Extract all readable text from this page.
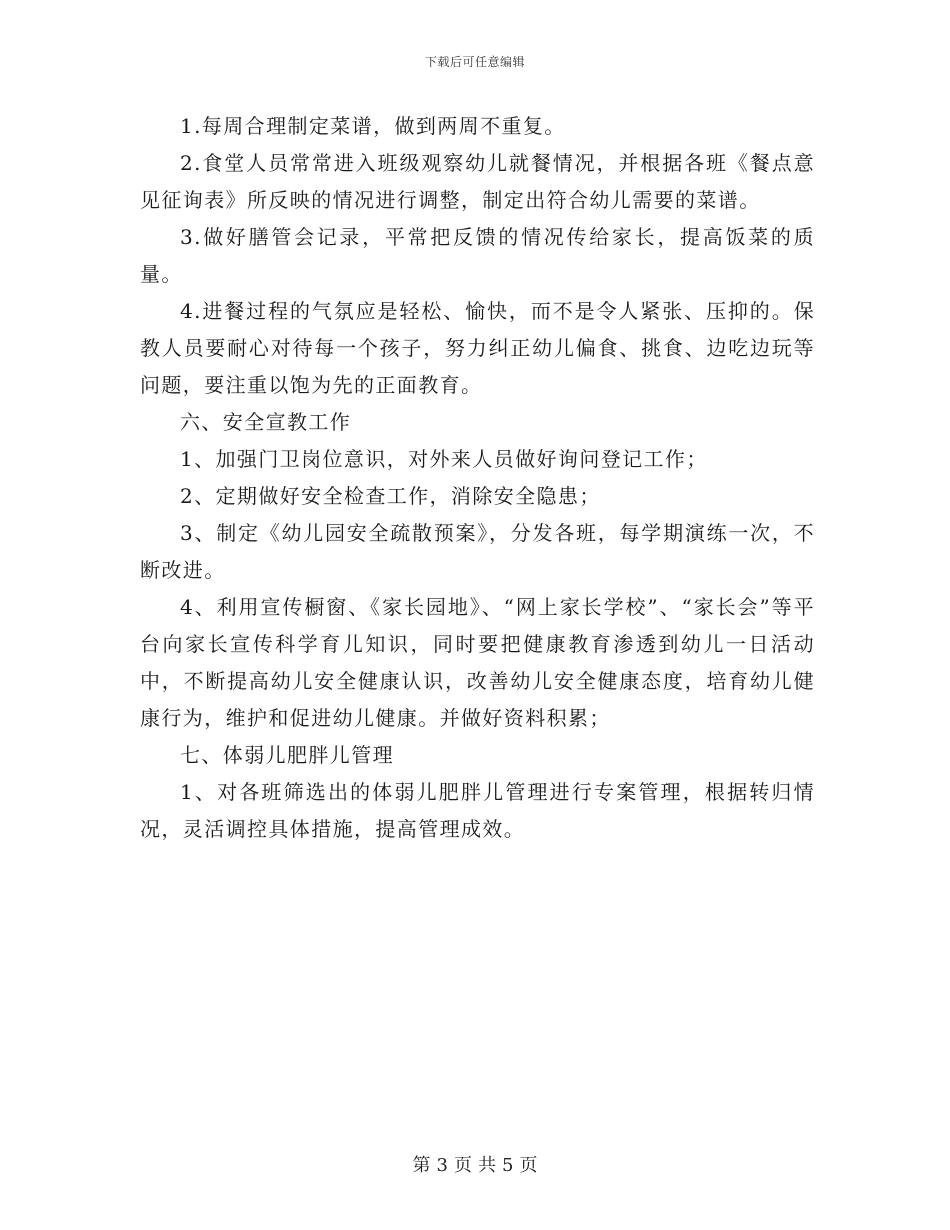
下载后可任意编辑

1.每周合理制定菜谱，做到两周不重复。

2.食堂人员常常进入班级观察幼儿就餐情况，并根据各班《餐点意见征询表》所反映的情况进行调整，制定出符合幼儿需要的菜谱。

3.做好膳管会记录，平常把反馈的情况传给家长，提高饭菜的质量。

4.进餐过程的气氛应是轻松、愉快，而不是令人紧张、压抑的。保教人员要耐心对待每一个孩子，努力纠正幼儿偏食、挑食、边吃边玩等问题，要注重以饱为先的正面教育。

六、安全宣教工作

1、加强门卫岗位意识，对外来人员做好询问登记工作；

2、定期做好安全检查工作，消除安全隐患；

3、制定《幼儿园安全疏散预案》，分发各班，每学期演练一次，不断改进。

4、利用宣传橱窗、《家长园地》、“网上家长学校”、“家长会”等平台向家长宣传科学育儿知识，同时要把健康教育渗透到幼儿一日活动中，不断提高幼儿安全健康认识，改善幼儿安全健康态度，培育幼儿健康行为，维护和促进幼儿健康。并做好资料积累；

七、体弱儿肥胖儿管理

1、对各班筛选出的体弱儿肥胖儿管理进行专案管理，根据转归情况，灵活调控具体措施，提高管理成效。

第 3 页 共 5 页
